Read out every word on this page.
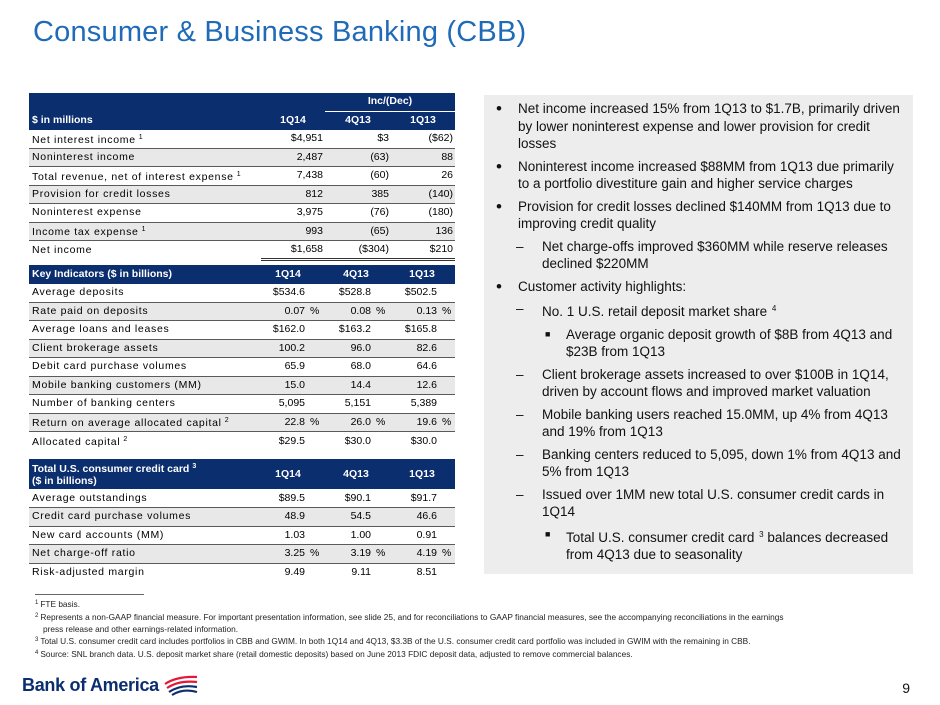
Consumer & Business Banking (CBB)
		Inc/(Dec)	
$ in millions	1Q14	4Q13	1Q13
Net interest income $^1$	$4,951	$3	($62)
Noninterest income	2,487	(63)	88
Total revenue, net of interest expense $^1$	7,438	(60)	26
Provision for credit losses	812	385	(140)
Noninterest expense	3,975	(76)	(180)
Income tax expense $^1$	993	(65)	136
Net income	$1,658	($304)	$210
Key Indicators ($ in billions)	1Q14		4Q13		1Q13	
Average deposits	$534.6		$528.8		$502.5	
Rate paid on deposits	0.07	%	0.08	%	0.13	%
Average loans and leases	$162.0		$163.2		$165.8	
Client brokerage assets	100.2		96.0		82.6	
Debit card purchase volumes	65.9		68.0		64.6	
Mobile banking customers (MM)	15.0		14.4		12.6	
Number of banking centers	5,095		5,151		5,389	
Return on average allocated capital $^2$	22.8	%	26.0	%	19.6	%
Allocated capital $^2$	$29.5		$30.0		$30.0	
Total U.S. consumer credit card $^3$
($ in billions)	1Q14		4Q13		1Q13	
Average outstandings	$89.5		$90.1		$91.7	
Credit card purchase volumes	48.9		54.5		46.6	
New card accounts (MM)	1.03		1.00		0.91	
Net charge-off ratio	3.25	%	3.19	%	4.19	%
Risk-adjusted margin	9.49		9.11		8.51	
• Net income increased 15% from 1Q13 to $1.7B, primarily driven by lower noninterest expense and lower provision for credit losses
• Noninterest income increased $88MM from 1Q13 due primarily to a portfolio divestiture gain and higher service charges
• Provision for credit losses declined $140MM from 1Q13 due to improving credit quality
– Net charge-offs improved $360MM while reserve releases declined $220MM
• Customer activity highlights:
– No. 1 U.S. retail deposit market share $^4$
■ Average organic deposit growth of $8B from 4Q13 and $23B from 1Q13
– Client brokerage assets increased to over $100B in 1Q14, driven by account flows and improved market valuation
– Mobile banking users reached 15.0MM, up 4% from 4Q13 and 19% from 1Q13
– Banking centers reduced to 5,095, down 1% from 4Q13 and 5% from 1Q13
– Issued over 1MM new total U.S. consumer credit cards in 1Q14
■ Total U.S. consumer credit card $^3$ balances decreased from 4Q13 due to seasonality

$^1$ FTE basis.

$^2$ Represents a non-GAAP financial measure. For important presentation information, see slide 25, and for reconciliations to GAAP financial measures, see the accompanying reconciliations in the earnings

press release and other earnings-related information.

$^3$ Total U.S. consumer credit card includes portfolios in CBB and GWIM. In both 1Q14 and 4Q13, $3.3B of the U.S. consumer credit card portfolio was included in GWIM with the remaining in CBB.

$^4$ Source: SNL branch data. U.S. deposit market share (retail domestic deposits) based on June 2013 FDIC deposit data, adjusted to remove commercial balances.

Bank of America	9
